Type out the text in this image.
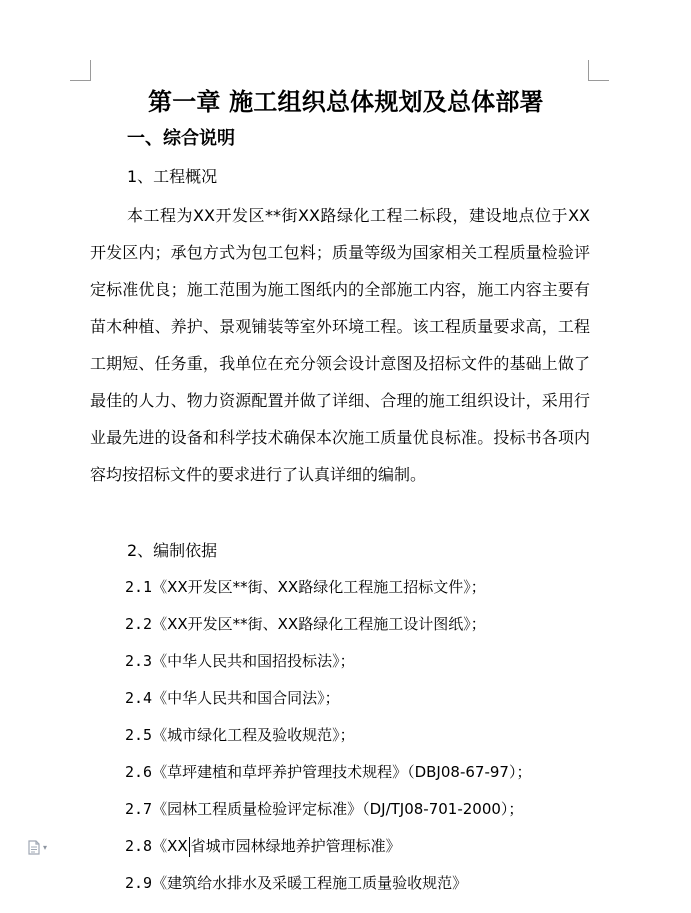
第一章 施工组织总体规划及总体部署
一、综合说明
1、工程概况

本工程为XX开发区**街XX路绿化工程二标段，建设地点位于XX开发区内；承包方式为包工包料；质量等级为国家相关工程质量检验评定标准优良；施工范围为施工图纸内的全部施工内容，施工内容主要有苗木种植、养护、景观铺装等室外环境工程。该工程质量要求高，工程工期短、任务重，我单位在充分领会设计意图及招标文件的基础上做了最佳的人力、物力资源配置并做了详细、合理的施工组织设计，采用行业最先进的设备和科学技术确保本次施工质量优良标准。投标书各项内容均按招标文件的要求进行了认真详细的编制。

2、编制依据
2.1《XX开发区**街、XX路绿化工程施工招标文件》；
2.2《XX开发区**街、XX路绿化工程施工设计图纸》；
2.3《中华人民共和国招投标法》；
2.4《中华人民共和国合同法》；
2.5《城市绿化工程及验收规范》；
2.6《草坪建植和草坪养护管理技术规程》（DBJ08-67-97）；
2.7《园林工程质量检验评定标准》（DJ/TJ08-701-2000）；
2.8《XX 省城市园林绿地养护管理标准》
2.9《建筑给水排水及采暖工程施工质量验收规范》
▾
